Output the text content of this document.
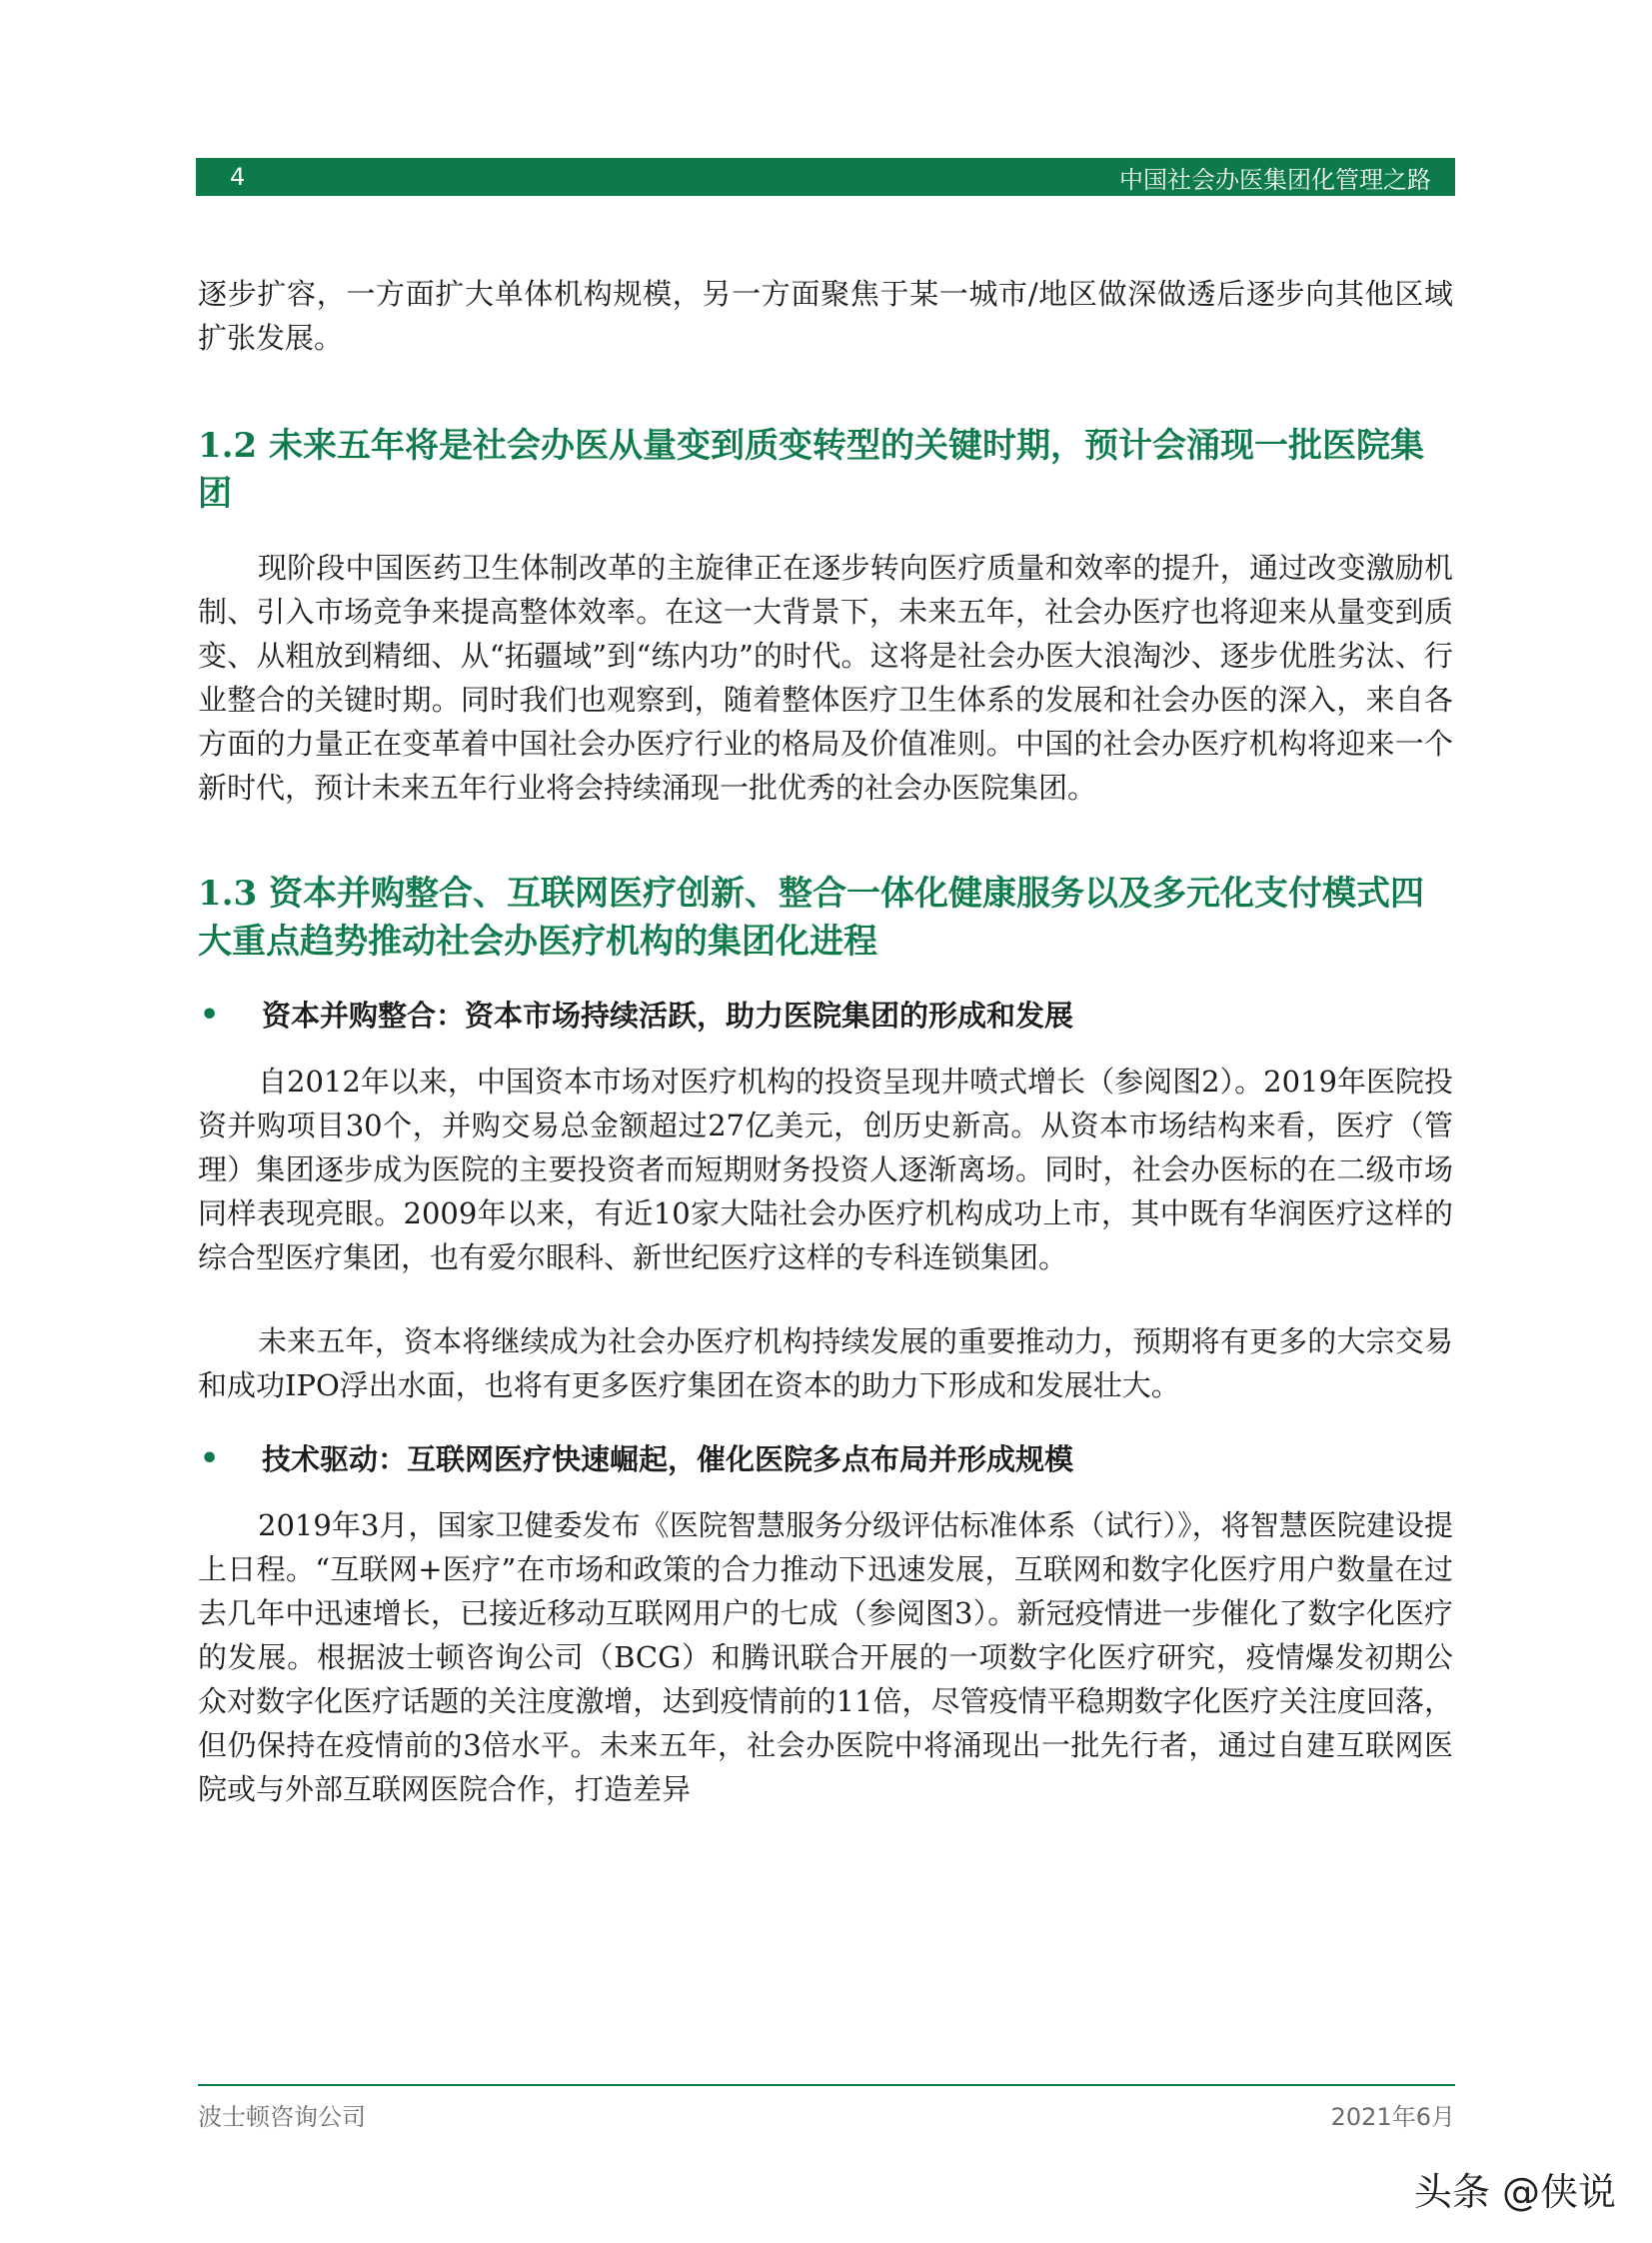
4	中国社会办医集团化管理之路

逐步扩容，一方面扩大单体机构规模，另一方面聚焦于某一城市/地区做深做透后逐步向其他区域扩张发展。

1.2 未来五年将是社会办医从量变到质变转型的关键时期，预计会涌现一批医院集团

现阶段中国医药卫生体制改革的主旋律正在逐步转向医疗质量和效率的提升，通过改变激励机制、引入市场竞争来提高整体效率。在这一大背景下，未来五年，社会办医疗也将迎来从量变到质变、从粗放到精细、从“拓疆域”到“练内功”的时代。这将是社会办医大浪淘沙、逐步优胜劣汰、行业整合的关键时期。同时我们也观察到，随着整体医疗卫生体系的发展和社会办医的深入，来自各方面的力量正在变革着中国社会办医疗行业的格局及价值准则。中国的社会办医疗机构将迎来一个新时代，预计未来五年行业将会持续涌现一批优秀的社会办医院集团。

1.3 资本并购整合、互联网医疗创新、整合一体化健康服务以及多元化支付模式四大重点趋势推动社会办医疗机构的集团化进程
•	资本并购整合：资本市场持续活跃，助力医院集团的形成和发展

自2012年以来，中国资本市场对医疗机构的投资呈现井喷式增长（参阅图2）。2019年医院投资并购项目30个，并购交易总金额超过27亿美元，创历史新高。从资本市场结构来看，医疗（管理）集团逐步成为医院的主要投资者而短期财务投资人逐渐离场。同时，社会办医标的在二级市场同样表现亮眼。2009年以来，有近10家大陆社会办医疗机构成功上市，其中既有华润医疗这样的综合型医疗集团，也有爱尔眼科、新世纪医疗这样的专科连锁集团。

未来五年，资本将继续成为社会办医疗机构持续发展的重要推动力，预期将有更多的大宗交易和成功IPO浮出水面，也将有更多医疗集团在资本的助力下形成和发展壮大。

•	技术驱动：互联网医疗快速崛起，催化医院多点布局并形成规模

2019年3月，国家卫健委发布《医院智慧服务分级评估标准体系（试行）》，将智慧医院建设提上日程。“互联网+医疗”在市场和政策的合力推动下迅速发展，互联网和数字化医疗用户数量在过去几年中迅速增长，已接近移动互联网用户的七成（参阅图3）。新冠疫情进一步催化了数字化医疗的发展。根据波士顿咨询公司（BCG）和腾讯联合开展的一项数字化医疗研究，疫情爆发初期公众对数字化医疗话题的关注度激增，达到疫情前的11倍，尽管疫情平稳期数字化医疗关注度回落，但仍保持在疫情前的3倍水平。未来五年，社会办医院中将涌现出一批先行者，通过自建互联网医院或与外部互联网医院合作，打造差异

波士顿咨询公司	2021年6月
头条 @侠说
